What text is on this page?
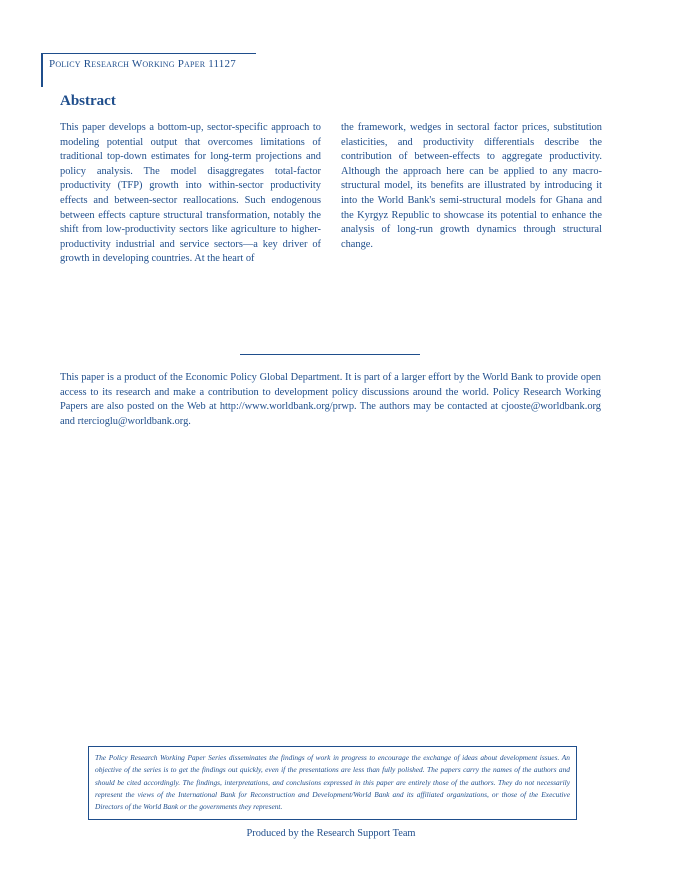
Policy Research Working Paper 11127
Abstract
This paper develops a bottom-up, sector-specific approach to modeling potential output that overcomes limitations of traditional top-down estimates for long-term projections and policy analysis. The model disaggregates total-factor productivity (TFP) growth into within-sector productivity effects and between-sector reallocations. Such endogenous between effects capture structural transformation, notably the shift from low-productivity sectors like agriculture to higher-productivity industrial and service sectors—a key driver of growth in developing countries. At the heart of
the framework, wedges in sectoral factor prices, substitution elasticities, and productivity differentials describe the contribution of between-effects to aggregate productivity. Although the approach here can be applied to any macro-structural model, its benefits are illustrated by introducing it into the World Bank's semi-structural models for Ghana and the Kyrgyz Republic to showcase its potential to enhance the analysis of long-run growth dynamics through structural change.
This paper is a product of the Economic Policy Global Department. It is part of a larger effort by the World Bank to provide open access to its research and make a contribution to development policy discussions around the world. Policy Research Working Papers are also posted on the Web at http://www.worldbank.org/prwp. The authors may be contacted at cjooste@worldbank.org and rtercioglu@worldbank.org.
The Policy Research Working Paper Series disseminates the findings of work in progress to encourage the exchange of ideas about development issues. An objective of the series is to get the findings out quickly, even if the presentations are less than fully polished. The papers carry the names of the authors and should be cited accordingly. The findings, interpretations, and conclusions expressed in this paper are entirely those of the authors. They do not necessarily represent the views of the International Bank for Reconstruction and Development/World Bank and its affiliated organizations, or those of the Executive Directors of the World Bank or the governments they represent.
Produced by the Research Support Team
